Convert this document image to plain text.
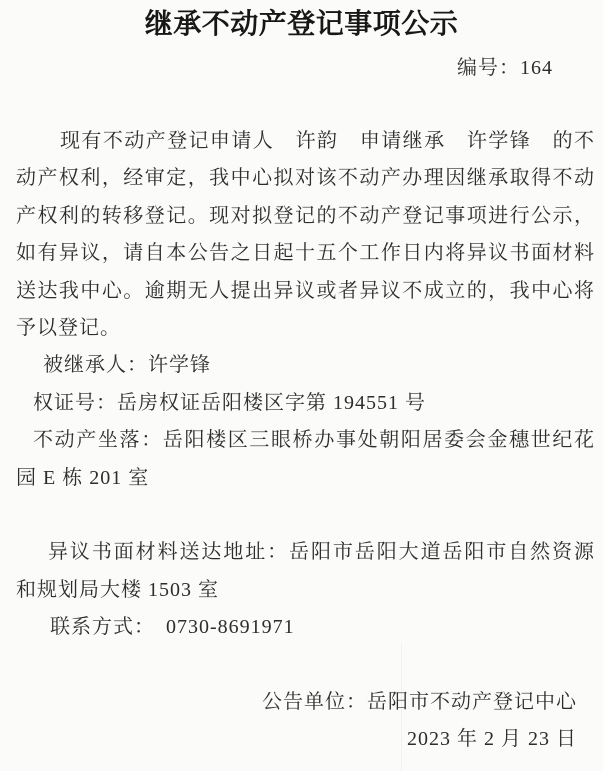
继承不动产登记事项公示
编号：164
现有不动产登记申请人　许韵　申请继承　许学锋　的不
动产权利，经审定，我中心拟对该不动产办理因继承取得不动
产权利的转移登记。现对拟登记的不动产登记事项进行公示，
如有异议，请自本公告之日起十五个工作日内将异议书面材料
送达我中心。逾期无人提出异议或者异议不成立的，我中心将
予以登记。
被继承人：许学锋
权证号：岳房权证岳阳楼区字第 194551 号
不动产坐落：岳阳楼区三眼桥办事处朝阳居委会金穗世纪花
园 E 栋 201 室
异议书面材料送达地址：岳阳市岳阳大道岳阳市自然资源
和规划局大楼 1503 室
联系方式：　0730-8691971
公告单位：岳阳市不动产登记中心
2023 年 2 月 23 日
